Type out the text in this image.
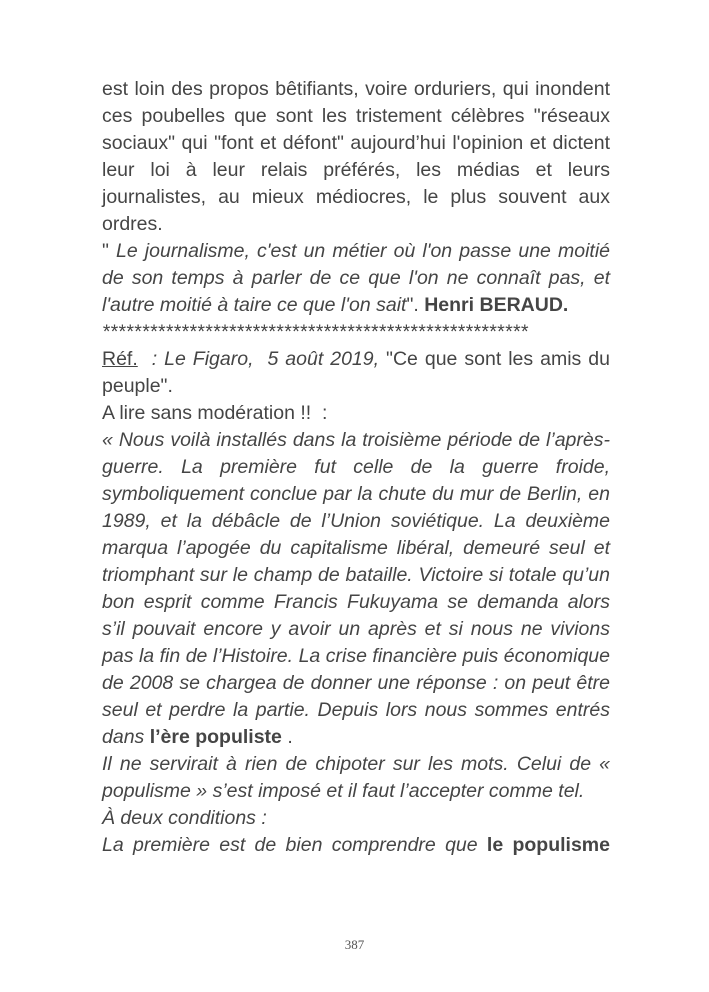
est loin des propos bêtifiants, voire orduriers, qui inondent ces poubelles que sont les tristement célèbres "réseaux sociaux" qui "font et défont" aujourd’hui l'opinion et dictent leur loi à leur relais préférés, les médias et leurs journalistes, au mieux médiocres, le plus souvent aux ordres.

" Le journalisme, c'est un métier où l'on passe une moitié de son temps à parler de ce que l'on ne connaît pas, et l'autre moitié à taire ce que l'on sait". Henri BERAUD.

******************************************************

Réf.  : Le Figaro,  5 août 2019, "Ce que sont les amis du peuple".

A lire sans modération !!  :

« Nous voilà installés dans la troisième période de l’après-guerre. La première fut celle de la guerre froide, symboliquement conclue par la chute du mur de Berlin, en 1989, et la débâcle de l’Union soviétique. La deuxième marqua l’apogée du capitalisme libéral, demeuré seul et triomphant sur le champ de bataille. Victoire si totale qu’un bon esprit comme Francis Fukuyama se demanda alors s’il pouvait encore y avoir un après et si nous ne vivions pas la fin de l’Histoire. La crise financière puis économique de 2008 se chargea de donner une réponse : on peut être seul et perdre la partie. Depuis lors nous sommes entrés dans l’ère populiste .

Il ne servirait à rien de chipoter sur les mots. Celui de « populisme » s’est imposé et il faut l’accepter comme tel.

À deux conditions :

La première est de bien comprendre que le populisme

387
